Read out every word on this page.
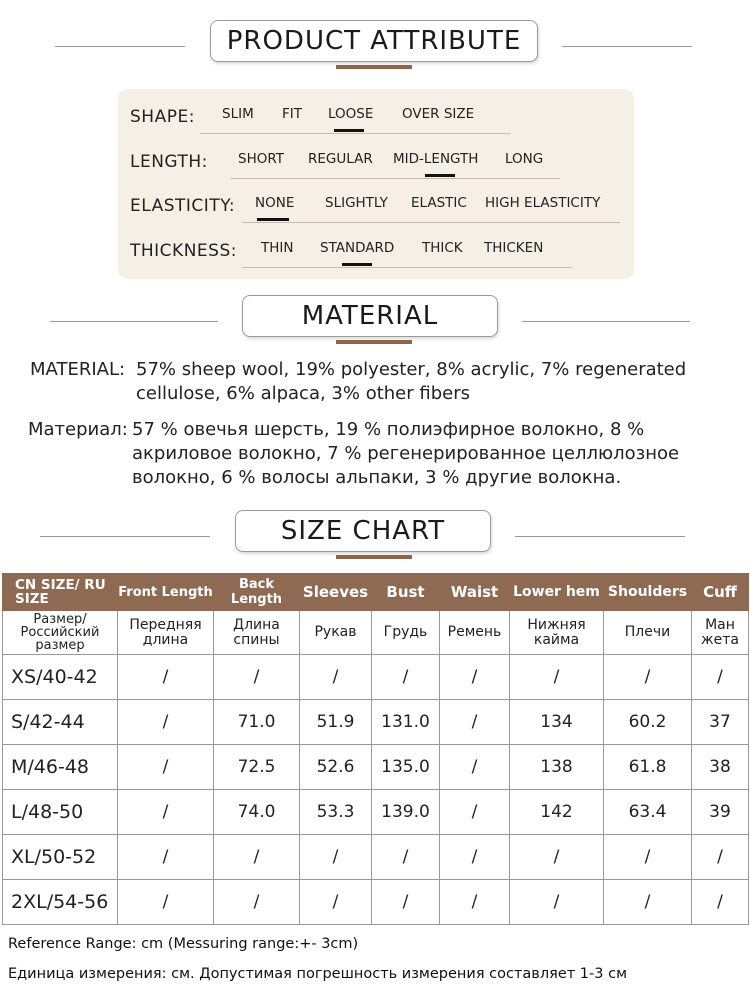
PRODUCT ATTRIBUTE
SHAPE: SLIM FIT LOOSE OVER SIZE
LENGTH: SHORT REGULAR MID-LENGTH LONG
ELASTICITY: NONE SLIGHTLY ELASTIC HIGH ELASTICITY
THICKNESS: THIN STANDARD THICK THICKEN
MATERIAL
MATERIAL: 57% sheep wool, 19% polyester, 8% acrylic, 7% regenerated
cellulose, 6% alpaca, 3% other fibers
Материал: 57 % овечья шерсть, 19 % полиэфирное волокно, 8 %
акриловое волокно, 7 % регенерированное целлюлозное
волокно, 6 % волосы альпаки, 3 % другие волокна.
SIZE CHART
CN SIZE/ RU SIZE	Front Length	Back Length	Sleeves	Bust	Waist	Lower hem	Shoulders	Cuff
Размер/ Российский размер	Передняя длина	Длина спины	Рукав	Грудь	Ремень	Нижняя кайма	Плечи	Ман жета
XS/40-42	/	/	/	/	/	/	/	/
S/42-44	/	71.0	51.9	131.0	/	134	60.2	37
M/46-48	/	72.5	52.6	135.0	/	138	61.8	38
L/48-50	/	74.0	53.3	139.0	/	142	63.4	39
XL/50-52	/	/	/	/	/	/	/	/
2XL/54-56	/	/	/	/	/	/	/	/
Reference Range: cm (Messuring range:+- 3cm)
Единица измерения: см. Допустимая погрешность измерения составляет 1-3 см
